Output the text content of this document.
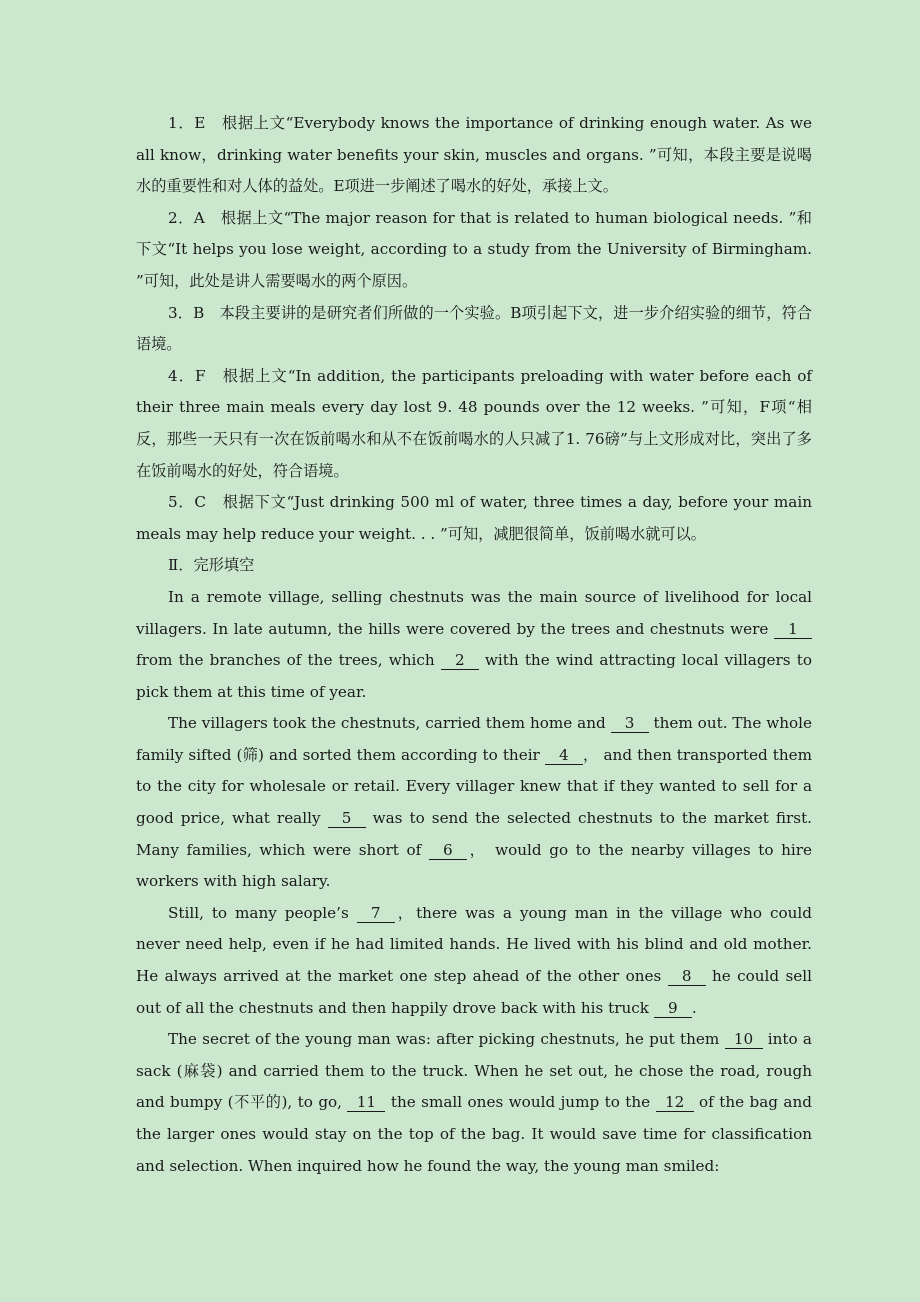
1．E　 根据上文“Everybody knows the importance of drinking enough water. As we all know，drinking water benefits your skin, muscles and organs. ”可知，本段主要是说喝水的重要性和对人体的益处。E项进一步阐述了喝水的好处，承接上文。

2．A　 根据上文“The major reason for that is related to human biological needs. ”和下文“It helps you lose weight, according to a study from the University of Birmingham. ”可知，此处是讲人需要喝水的两个原因。

3．B　 本段主要讲的是研究者们所做的一个实验。B项引起下文，进一步介绍实验的细节，符合语境。

4．F　 根据上文“In addition, the participants preloading with water before each of their three main meals every day lost 9. 48 pounds over the 12 weeks. ”可知，F项“相反，那些一天只有一次在饭前喝水和从不在饭前喝水的人只减了1. 76磅”与上文形成对比，突出了多在饭前喝水的好处，符合语境。

5．C　 根据下文“Just drinking 500 ml of water, three times a day, before your main meals may help reduce your weight. . . ”可知，减肥很简单，饭前喝水就可以。

Ⅱ．完形填空

In a remote village, selling chestnuts was the main source of livelihood for local villagers. In late autumn, the hills were covered by the trees and chestnuts were 1 from the branches of the trees, which 2 with the wind attracting local villagers to pick them at this time of year.

The villagers took the chestnuts, carried them home and 3 them out. The whole family sifted (筛) and sorted them according to their 4 ， and then transported them to the city for wholesale or retail. Every villager knew that if they wanted to sell for a good price, what really 5 was to send the selected chestnuts to the market first. Many families, which were short of 6 ， would go to the nearby villages to hire workers with high salary.

Still, to many people’s 7 ，there was a young man in the village who could never need help, even if he had limited hands. He lived with his blind and old mother. He always arrived at the market one step ahead of the other ones 8 he could sell out of all the chestnuts and then happily drove back with his truck 9 .

The secret of the young man was: after picking chestnuts, he put them 10 into a sack (麻袋) and carried them to the truck. When he set out, he chose the road, rough and bumpy (不平的), to go, 11 the small ones would jump to the 12 of the bag and the larger ones would stay on the top of the bag. It would save time for classification and selection. When inquired how he found the way, the young man smiled:
